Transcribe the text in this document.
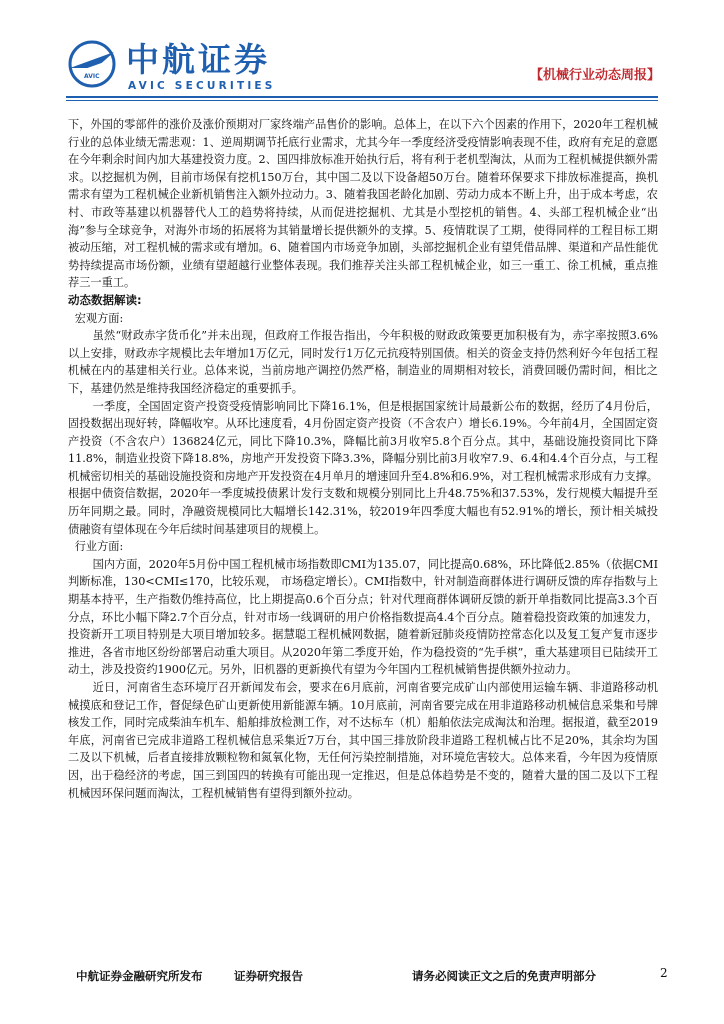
AVIC 中航证券
AVIC SECURITIES
【机械行业动态周报】

下，外国的零部件的涨价及涨价预期对厂家终端产品售价的影响。总体上，在以下六个因素的作用下，2020年工程机械行业的总体业绩无需悲观：1、逆周期调节托底行业需求，尤其今年一季度经济受疫情影响表现不佳，政府有充足的意愿在今年剩余时间内加大基建投资力度。2、国四排放标准开始执行后，将有利于老机型淘汰，从而为工程机械提供额外需求。以挖掘机为例，目前市场保有挖机150万台，其中国二及以下设备超50万台。随着环保要求下排放标准提高，换机需求有望为工程机械企业新机销售注入额外拉动力。3、随着我国老龄化加剧、劳动力成本不断上升，出于成本考虑，农村、市政等基建以机器替代人工的趋势将持续，从而促进挖掘机、尤其是小型挖机的销售。4、头部工程机械企业“出海”参与全球竞争，对海外市场的拓展将为其销量增长提供额外的支撑。5、疫情耽误了工期，使得同样的工程目标工期被动压缩，对工程机械的需求或有增加。6、随着国内市场竞争加剧，头部挖掘机企业有望凭借品牌、渠道和产品性能优势持续提高市场份额，业绩有望超越行业整体表现。我们推荐关注头部工程机械企业，如三一重工、徐工机械，重点推荐三一重工。

动态数据解读:

宏观方面:

虽然“财政赤字货币化”并未出现，但政府工作报告指出，今年积极的财政政策要更加积极有为，赤字率按照3.6%以上安排，财政赤字规模比去年增加1万亿元，同时发行1万亿元抗疫特别国债。相关的资金支持仍然利好今年包括工程机械在内的基建相关行业。总体来说，当前房地产调控仍然严格，制造业的周期相对较长，消费回暖仍需时间，相比之下，基建仍然是维持我国经济稳定的重要抓手。

一季度，全国固定资产投资受疫情影响同比下降16.1%，但是根据国家统计局最新公布的数据，经历了4月份后，固投数据出现好转，降幅收窄。从环比速度看，4月份固定资产投资（不含农户）增长6.19%。今年前4月，全国固定资产投资（不含农户）136824亿元，同比下降10.3%，降幅比前3月收窄5.8个百分点。其中，基础设施投资同比下降11.8%，制造业投资下降18.8%，房地产开发投资下降3.3%，降幅分别比前3月收窄7.9、6.4和4.4个百分点，与工程机械密切相关的基础设施投资和房地产开发投资在4月单月的增速回升至4.8%和6.9%，对工程机械需求形成有力支撑。根据中债资信数据，2020年一季度城投债累计发行支数和规模分别同比上升48.75%和37.53%，发行规模大幅提升至历年同期之最。同时，净融资规模同比大幅增长142.31%，较2019年四季度大幅也有52.91%的增长，预计相关城投债融资有望体现在今年后续时间基建项目的规模上。

行业方面:

国内方面，2020年5月份中国工程机械市场指数即CMI为135.07，同比提高0.68%，环比降低2.85%（依据CMI判断标准，130<CMI≤170，比较乐观， 市场稳定增长）。CMI指数中，针对制造商群体进行调研反馈的库存指数与上期基本持平，生产指数仍维持高位，比上期提高0.6个百分点；针对代理商群体调研反馈的新开单指数同比提高3.3个百分点，环比小幅下降2.7个百分点，针对市场一线调研的用户价格指数提高4.4个百分点。随着稳投资政策的加速发力，投资新开工项目特别是大项目增加较多。据慧聪工程机械网数据，随着新冠肺炎疫情防控常态化以及复工复产复市逐步推进，各省市地区纷纷部署启动重大项目。从2020年第二季度开始，作为稳投资的“先手棋”，重大基建项目已陆续开工动土，涉及投资约1900亿元。另外，旧机器的更新换代有望为今年国内工程机械销售提供额外拉动力。

近日，河南省生态环境厅召开新闻发布会，要求在6月底前，河南省要完成矿山内部使用运输车辆、非道路移动机械摸底和登记工作，督促绿色矿山更新使用新能源车辆。10月底前，河南省要完成在用非道路移动机械信息采集和号牌核发工作，同时完成柴油车机车、船舶排放检测工作，对不达标车（机）船舶依法完成淘汰和治理。据报道，截至2019年底，河南省已完成非道路工程机械信息采集近7万台，其中国三排放阶段非道路工程机械占比不足20%，其余均为国二及以下机械，后者直接排放颗粒物和氮氧化物，无任何污染控制措施，对环境危害较大。总体来看，今年因为疫情原因，出于稳经济的考虑，国三到国四的转换有可能出现一定推迟，但是总体趋势是不变的，随着大量的国二及以下工程机械因环保问题而淘汰，工程机械销售有望得到额外拉动。

中航证券金融研究所发布	证券研究报告	请务必阅读正文之后的免责声明部分	2
